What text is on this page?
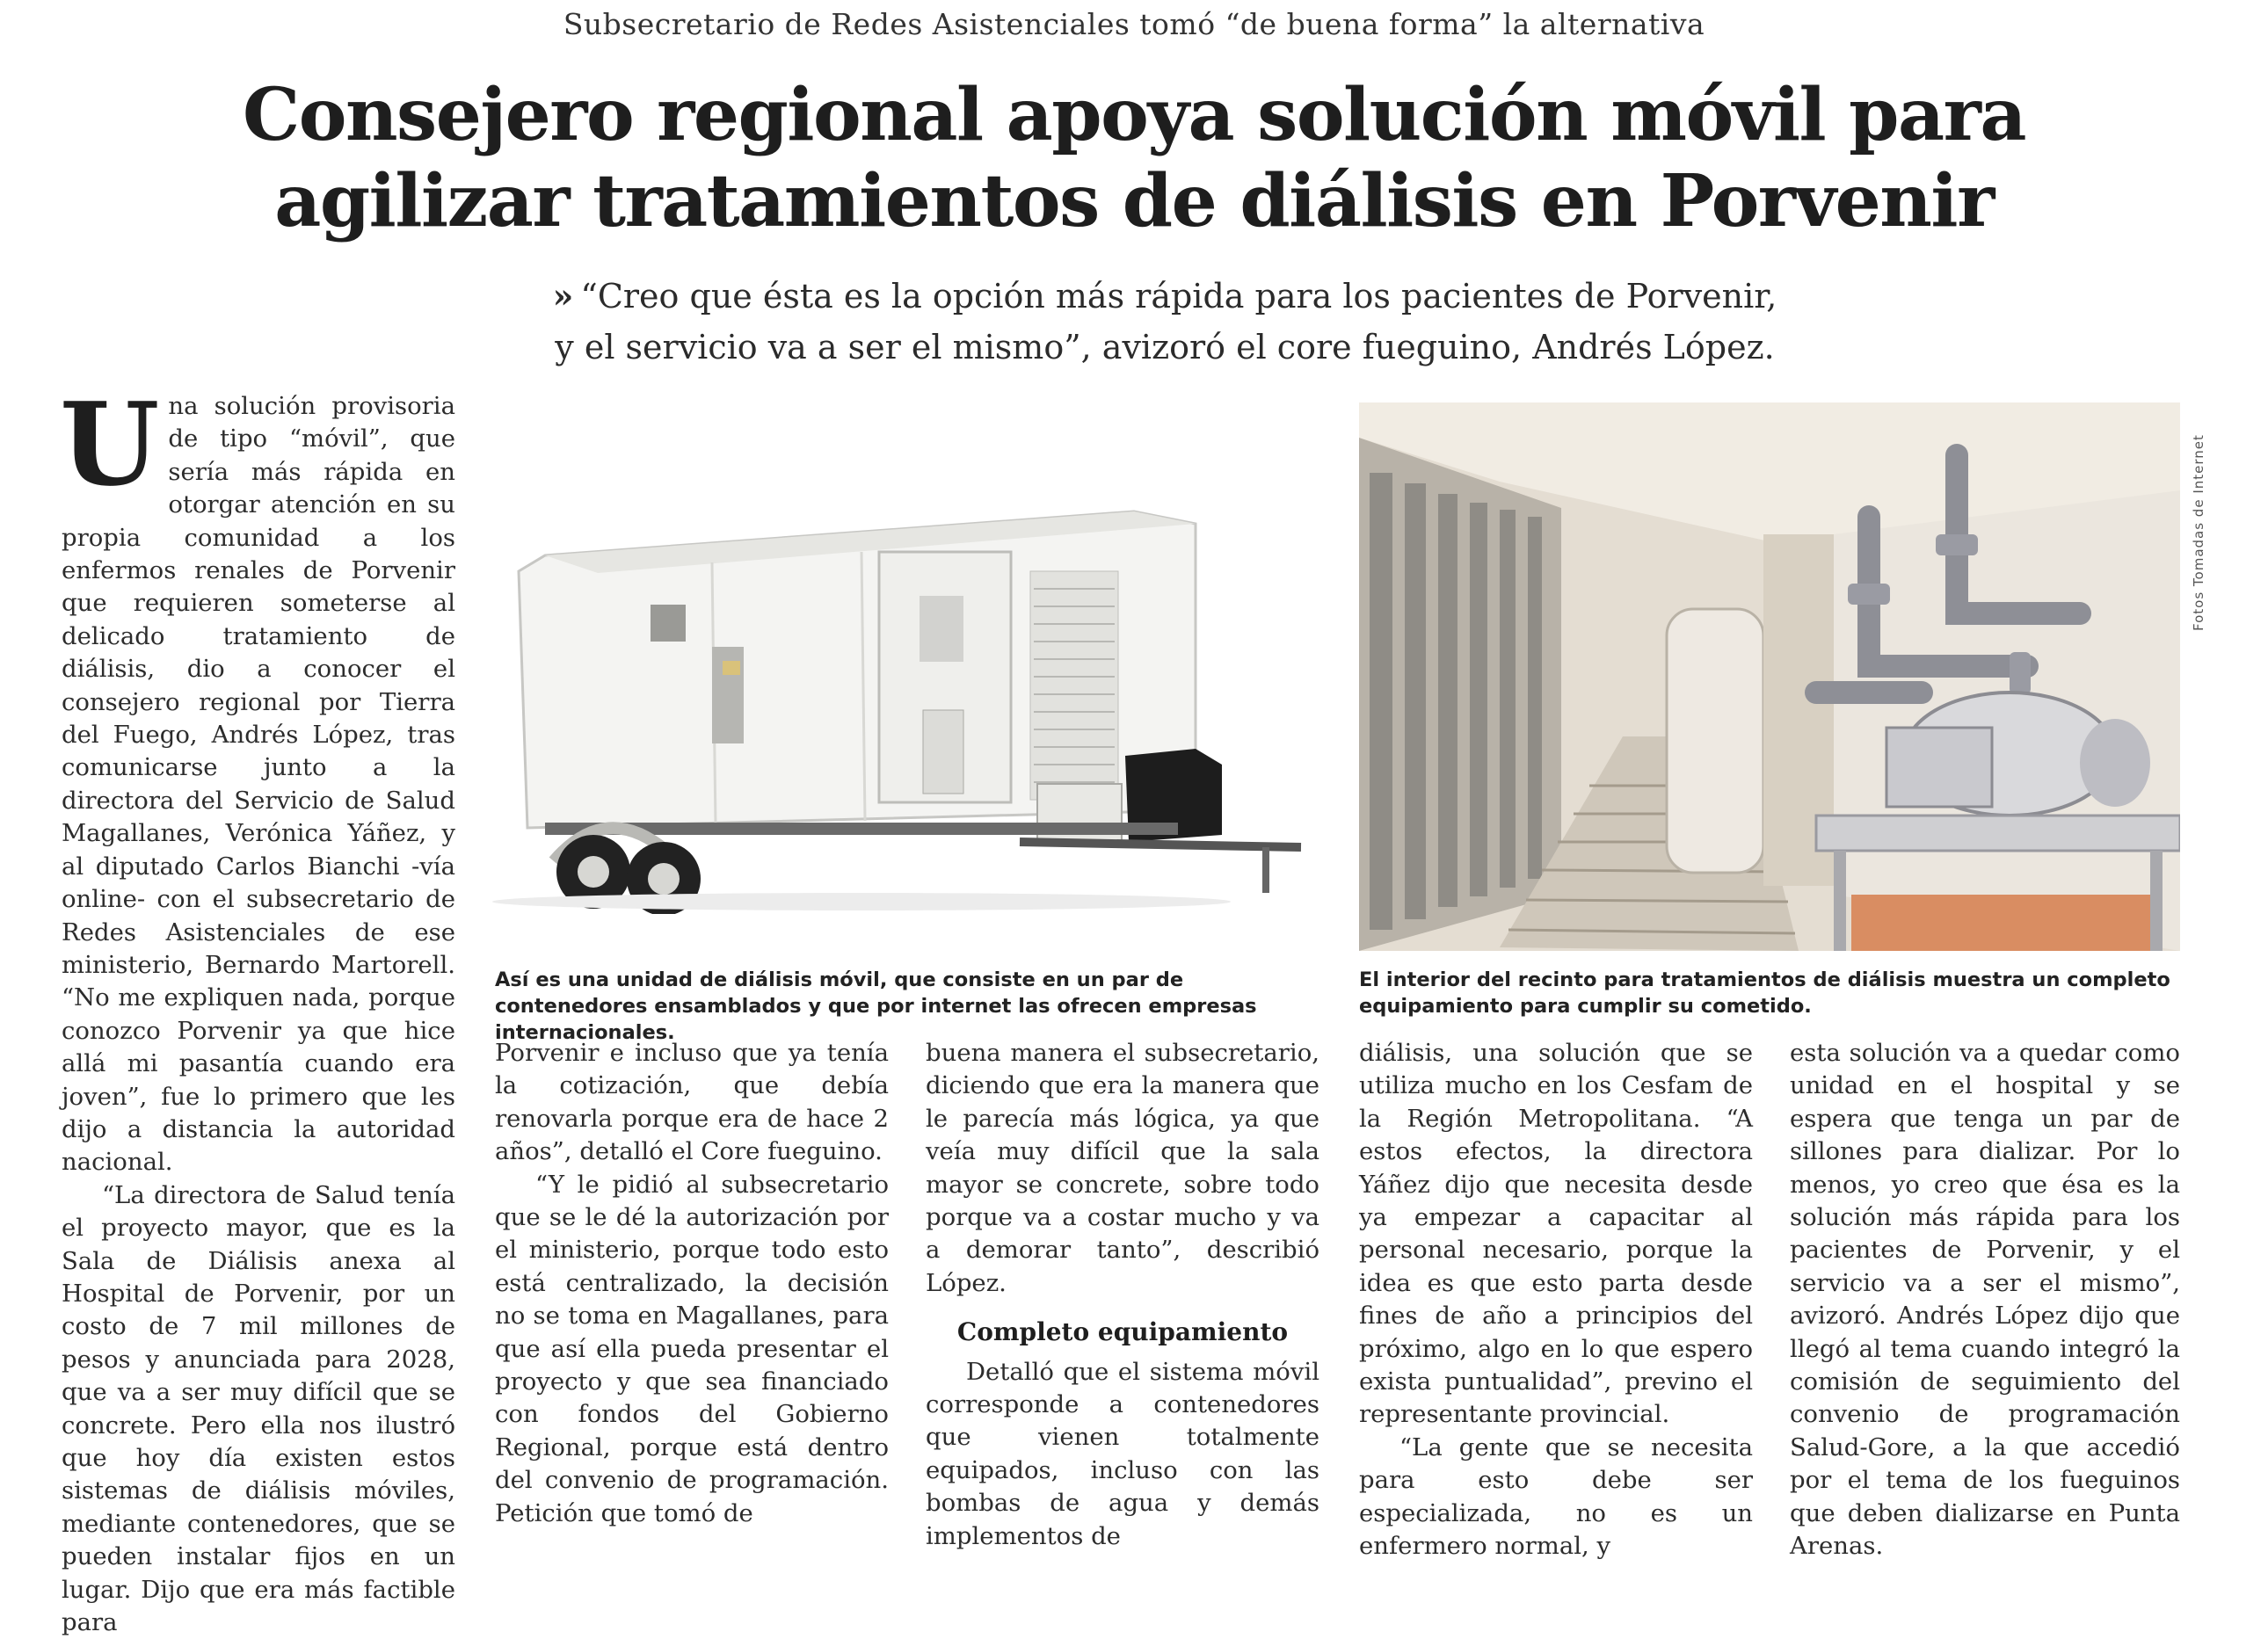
Subsecretario de Redes Asistenciales tomó “de buena forma” la alternativa
Consejero regional apoya solución móvil para
agilizar tratamientos de diálisis en Porvenir
» “Creo que ésta es la opción más rápida para los pacientes de Porvenir,
y el servicio va a ser el mismo”, avizoró el core fueguino, Andrés López.

Una solución provisoria de tipo “móvil”, que sería más rápida en otorgar atención en su propia comunidad a los enfermos renales de Porvenir que requieren someterse al delicado tratamiento de diálisis, dio a conocer el consejero regional por Tierra del Fuego, Andrés López, tras comunicarse junto a la directora del Servicio de Salud Magallanes, Verónica Yáñez, y al diputado Carlos Bianchi -vía online- con el subsecretario de Redes Asistenciales de ese ministerio, Bernardo Martorell. “No me expliquen nada, porque conozco Porvenir ya que hice allá mi pasantía cuando era joven”, fue lo primero que les dijo a distancia la autoridad nacional.

“La directora de Salud tenía el proyecto mayor, que es la Sala de Diálisis anexa al Hospital de Porvenir, por un costo de 7 mil millones de pesos y anunciada para 2028, que va a ser muy difícil que se concrete. Pero ella nos ilustró que hoy día existen estos sistemas de diálisis móviles, mediante contenedores, que se pueden instalar fijos en un lugar. Dijo que era más factible para

Fotos Tomadas de Internet
Así es una unidad de diálisis móvil, que consiste en un par de contenedores ensamblados y que por internet las ofrecen empresas internacionales.
El interior del recinto para tratamientos de diálisis muestra un completo equipamiento para cumplir su cometido.

Porvenir e incluso que ya tenía la cotización, que debía renovarla porque era de hace 2 años”, detalló el Core fueguino.

“Y le pidió al subsecretario que se le dé la autorización por el ministerio, porque todo esto está centralizado, la decisión no se toma en Magallanes, para que así ella pueda presentar el proyecto y que sea financiado con fondos del Gobierno Regional, porque está dentro del convenio de programación. Petición que tomó de

buena manera el subsecretario, diciendo que era la manera que le parecía más lógica, ya que veía muy difícil que la sala mayor se concrete, sobre todo porque va a costar mucho y va a demorar tanto”, describió López.

Completo equipamiento

Detalló que el sistema móvil corresponde a contenedores que vienen totalmente equipados, incluso con las bombas de agua y demás implementos de

diálisis, una solución que se utiliza mucho en los Cesfam de la Región Metropolitana. “A estos efectos, la directora Yáñez dijo que necesita desde ya empezar a capacitar al personal necesario, porque la idea es que esto parta desde fines de año a principios del próximo, algo en lo que espero exista puntualidad”, previno el representante provincial.

“La gente que se necesita para esto debe ser especializada, no es un enfermero normal, y

esta solución va a quedar como unidad en el hospital y se espera que tenga un par de sillones para dializar. Por lo menos, yo creo que ésa es la solución más rápida para los pacientes de Porvenir, y el servicio va a ser el mismo”, avizoró. Andrés López dijo que llegó al tema cuando integró la comisión de seguimiento del convenio de programación Salud-Gore, a la que accedió por el tema de los fueguinos que deben dializarse en Punta Arenas.
